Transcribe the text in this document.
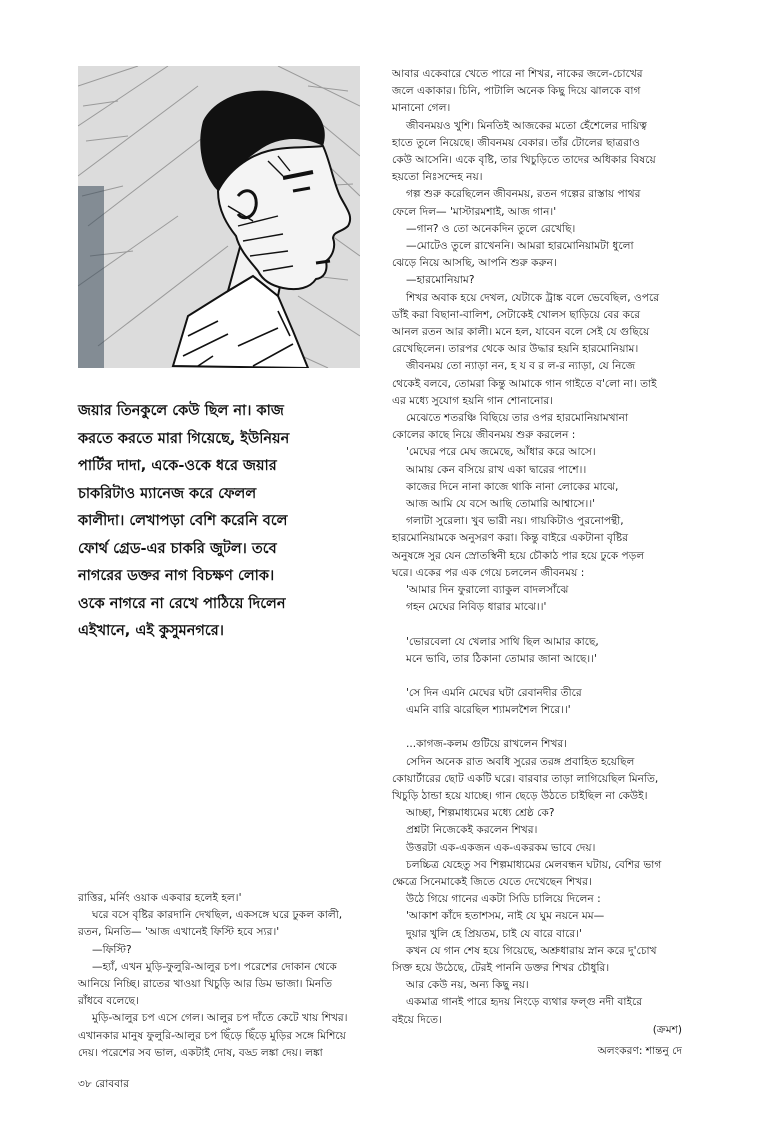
জয়ার তিনকুলে কেউ ছিল না। কাজ

করতে করতে মারা গিয়েছে, ইউনিয়ন

পার্টির দাদা, একে-ওকে ধরে জয়ার

চাকরিটাও ম্যানেজ করে ফেলল

কালীদা। লেখাপড়া বেশি করেনি বলে

ফোর্থ গ্রেড-এর চাকরি জুটল। তবে

নাগরের ডক্তর নাগ বিচক্ষণ লোক।

ওকে নাগরে না রেখে পাঠিয়ে দিলেন

এইখানে, এই কুসুমনগরে।

আবার একেবারে খেতে পারে না শিখর, নাকের জলে-চোখের

জলে একাকার। চিনি, পাটালি অনেক কিছু দিয়ে ঝালকে বাগ

মানানো গেল।

জীবনময়ও খুশি। মিনতিই আজকের মতো হেঁশেলের দায়িত্ব

হাতে তুলে নিয়েছে। জীবনময় বেকার। তাঁর টোলের ছাত্ররাও

কেউ আসেনি। একে বৃষ্টি, তার খিচুড়িতে তাদের অধিকার বিষয়ে

হয়তো নিঃসন্দেহ নয়।

গল্প শুরু করেছিলেন জীবনময়, রতন গল্পের রাস্তায় পাথর

ফেলে দিল— 'মাস্টারমশাই, আজ গান।'

—গান? ও তো অনেকদিন তুলে রেখেছি।

—মোটেও তুলে রাখেননি। আমরা হারমোনিয়ামটা ধুলো

ঝেড়ে নিয়ে আসছি, আপনি শুরু করুন।

—হারমোনিয়াম?

শিখর অবাক হয়ে দেখল, যেটাকে ট্রাঙ্ক বলে ভেবেছিল, ওপরে

ডাঁই করা বিছানা-বালিশ, সেটাকেই খোলস ছাড়িয়ে বের করে

আনল রতন আর কালী। মনে হল, যাবেন বলে সেই যে গুছিয়ে

রেখেছিলেন। তারপর থেকে আর উদ্ধার হয়নি হারমোনিয়াম।

জীবনময় তো ন্যাড়া নন, হ য ব র ল-র ন্যাড়া, যে নিজে

থেকেই বলবে, তোমরা কিন্তু আমাকে গান গাইতে ব'লো না। তাই

এর মধ্যে সুযোগ হয়নি গান শোনানোর।

মেঝেতে শতরঞ্চি বিছিয়ে তার ওপর হারমোনিয়ামখানা

কোলের কাছে নিয়ে জীবনময় শুরু করলেন :

'মেঘের পরে মেঘ জমেছে, আঁধার করে আসে।

আমায় কেন বসিয়ে রাখ একা দ্বারের পাশে।।

কাজের দিনে নানা কাজে থাকি নানা লোকের মাঝে,

আজ আমি যে বসে আছি তোমারি আশ্বাসে।।'

গলাটা সুরেলা। খুব ভারী নয়। গায়কিটাও পুরনোপন্থী,

হারমোনিয়ামকে অনুসরণ করা। কিন্তু বাইরে একটানা বৃষ্টির

অনুষঙ্গে সুর যেন স্রোতস্বিনী হয়ে চৌকাঠ পার হয়ে ঢুকে পড়ল

ঘরে। একের পর এক গেয়ে চললেন জীবনময় :

'আমার দিন ফুরালো ব্যাকুল বাদলসাঁঝে

গহন মেঘের নিবিড় ধারার মাঝে।।'

'ভোরবেলা যে খেলার সাথি ছিল আমার কাছে,

মনে ভাবি, তার ঠিকানা তোমার জানা আছে।।'

'সে দিন এমনি মেঘের ঘটা রেবানদীর তীরে

এমনি বারি ঝরেছিল শ্যামলশৈল শিরে।।'

...কাগজ-কলম গুটিয়ে রাখলেন শিখর।

সেদিন অনেক রাত অবধি সুরের তরঙ্গ প্রবাহিত হয়েছিল

কোয়ার্টারের ছোট একটি ঘরে। বারবার তাড়া লাগিয়েছিল মিনতি,

খিচুড়ি ঠান্ডা হয়ে যাচ্ছে। গান ছেড়ে উঠতে চাইছিল না কেউই।

আচ্ছা, শিল্পমাধ্যমের মধ্যে শ্রেষ্ঠ কে?

প্রশ্নটা নিজেকেই করলেন শিখর।

উত্তরটা এক-একজন এক-একরকম ভাবে দেয়।

চলচ্চিত্র যেহেতু সব শিল্পমাধ্যমের মেলবন্ধন ঘটায়, বেশির ভাগ

ক্ষেত্রে সিনেমাকেই জিতে যেতে দেখেছেন শিখর।

উঠে গিয়ে গানের একটা সিডি চালিয়ে দিলেন :

'আকাশ কাঁদে হতাশসম, নাই যে ঘুম নয়নে মম—

দুয়ার খুলি হে প্রিয়তম, চাই যে বারে বারে।'

কখন যে গান শেষ হয়ে গিয়েছে, অশ্রুধারায় স্নান করে দু'চোখ

সিক্ত হয়ে উঠেছে, টেরই পাননি ডক্তর শিখর চৌধুরি।

আর কেউ নয়, অন্য কিছু নয়।

একমাত্র গানই পারে হৃদয় নিংড়ে ব্যথার ফল্গু নদী বাইরে

বইয়ে দিতে।

রাত্তির, মর্নিং ওয়াক একবার হলেই হল।'

ঘরে বসে বৃষ্টির কারদানি দেখছিল, একসঙ্গে ঘরে ঢুকল কালী,

রতন, মিনতি— 'আজ এখানেই ফিস্টি হবে স্যর।'

—ফিস্টি?

—হ্যাঁ, এখন মুড়ি-ফুলুরি-আলুর চপ। পরেশের দোকান থেকে

আনিয়ে নিচ্ছি। রাতের খাওয়া খিচুড়ি আর ডিম ভাজা। মিনতি

রাঁধবে বলেছে।

মুড়ি-আলুর চপ এসে গেল। আলুর চপ দাঁতে কেটে খায় শিখর।

এখানকার মানুষ ফুলুরি-আলুর চপ ছিঁড়ে ছিঁড়ে মুড়ির সঙ্গে মিশিয়ে

দেয়। পরেশের সব ভাল, একটাই দোষ, বড্ড লঙ্কা দেয়। লঙ্কা

(ক্রমশ)
অলংকরণ: শান্তনু দে
৩৮ রোববার
